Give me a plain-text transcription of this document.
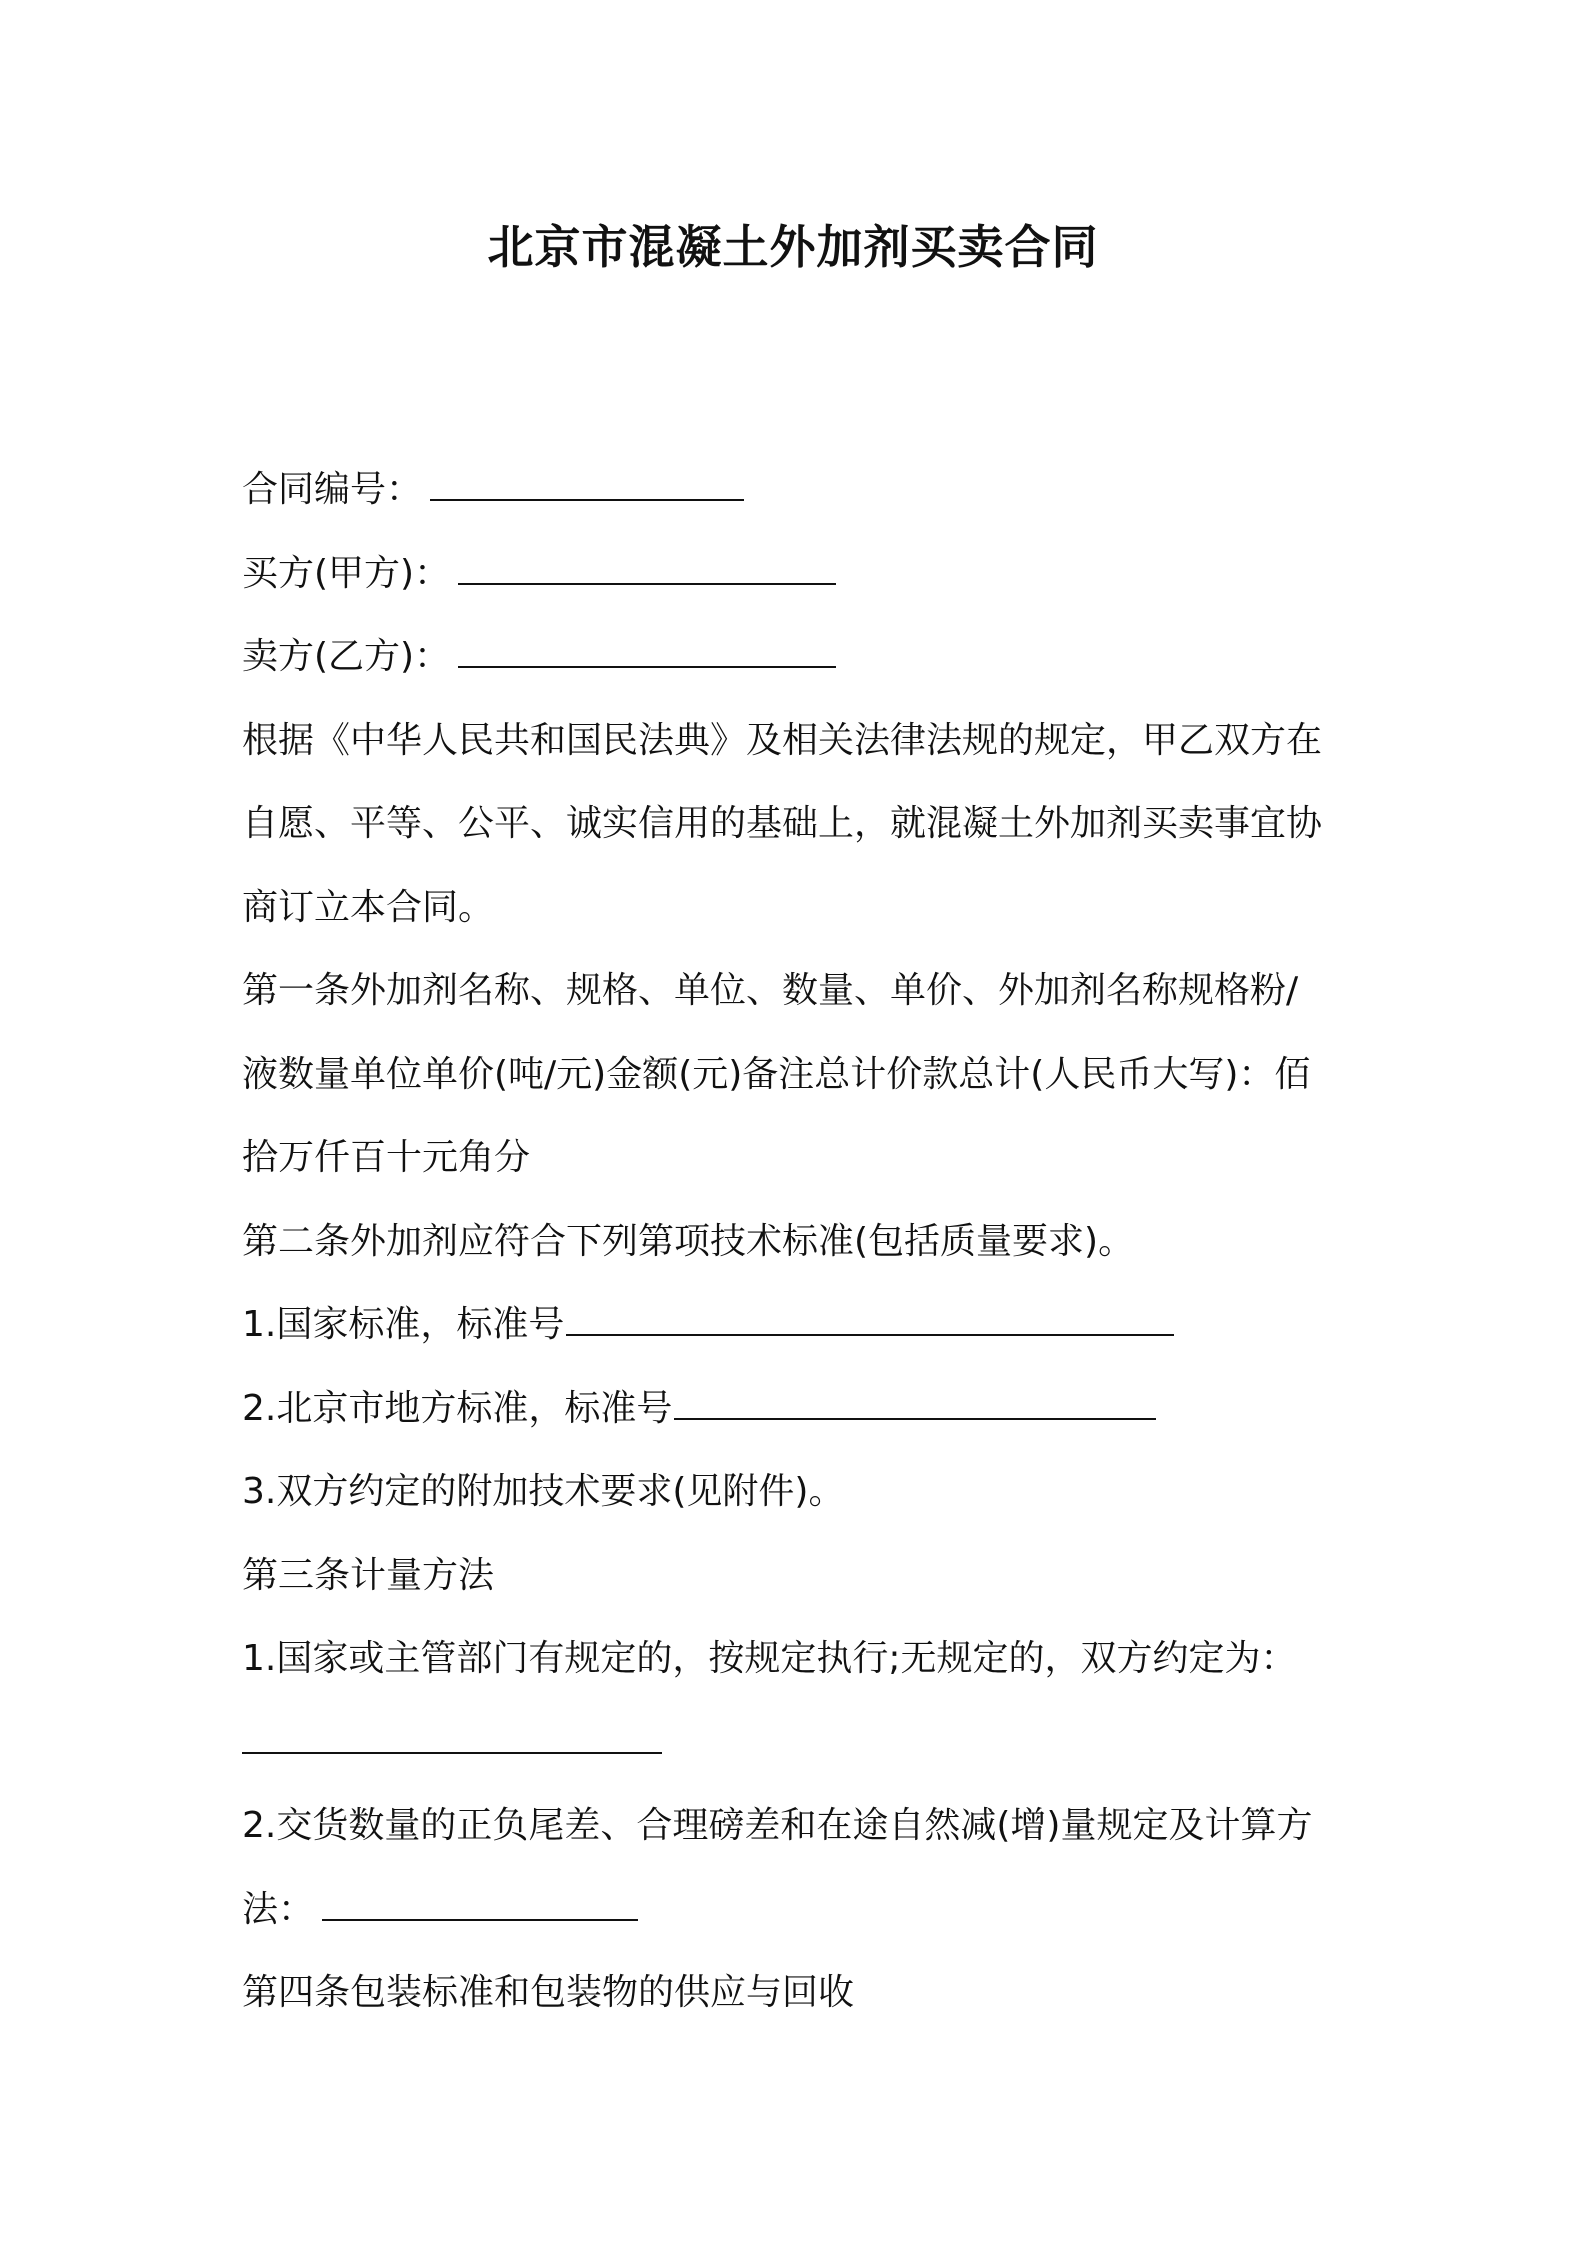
北京市混凝土外加剂买卖合同
合同编号：
买方(甲方)：
卖方(乙方)：
根据《中华人民共和国民法典》及相关法律法规的规定，甲乙双方在
自愿、平等、公平、诚实信用的基础上，就混凝土外加剂买卖事宜协
商订立本合同。
第一条外加剂名称、规格、单位、数量、单价、外加剂名称规格粉/
液数量单位单价(吨/元)金额(元)备注总计价款总计(人民币大写)：佰
拾万仟百十元角分
第二条外加剂应符合下列第项技术标准(包括质量要求)。
1.国家标准，标准号
2.北京市地方标准，标准号
3.双方约定的附加技术要求(见附件)。
第三条计量方法
1.国家或主管部门有规定的，按规定执行;无规定的，双方约定为：
2.交货数量的正负尾差、合理磅差和在途自然减(增)量规定及计算方
法：
第四条包装标准和包装物的供应与回收
